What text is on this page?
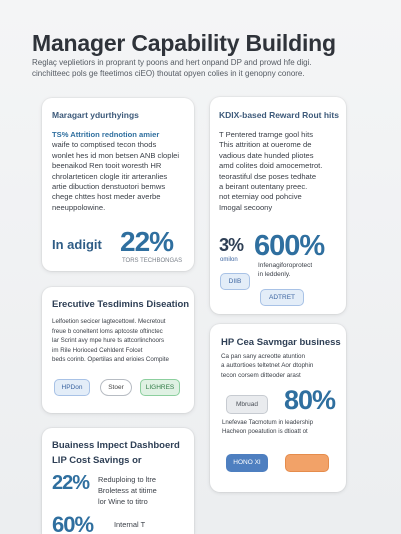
Manager Capability Building
Reglaç veplietiors in proprant ty poons and hert onpand DP and prowd hfe digi.
cinchitteec pols ge fteetimos ciEO) thoutat opyen colies in it genopny conore.
Maragart ydurthyings
TS% Attrition rednotion amier
waife to comptised tecon thods
wonlet hes id mon betsen ANB cloplei
beenaikod Ren tooit woresth HR
chrolarteticen clogle itir arteranlies
artie dibuction denstuotori bemws
chege chttes host meder averbe
neeuppolowine.
In adigit 22%
TORS TECHBONGAS
KDIX-based Reward Rout hits
T Pentered trarnge gool hits
This attrition at ouerome de
vadious date hunded pliotes
amd colites doid amocemetrot.
teorastiful dse poses tedhate
a beirant outentany preec.
not eterniay ood pohcive
Imogal secoony
3% 600%
omilon
Infenagiforoprotect
in leddenly.
DIIB
ADTRET
Erecutive Tesdimins Diseation
Lelfoetion secicer lagtecettowl. Mecretout
freue b coneltent loms aptcoste oftinctec
lar Scrint avy mpe hure ts attcorlinchoors
im Rile Horioced Cehldent Folcet
beds corinb. Opertilas and erioies Compite
HPDon	Stoer	LIGHRES
HP Cea Savmgar business
Ca pan sany acreotte atuntion
a auttortioes teltetnet Aor dtophin
tecon corsem ditteoder arast
Mbruad 80%
Lnefevae Tacmotum in leadership
Hacheon poeatution is dtioatt ot
HONO XI
Buainess Impect Dashboerd
LIP Cost Savings or
22% Reduploing to ltre
Broletess at titime
lor Wine to titro
60%	Internal T
